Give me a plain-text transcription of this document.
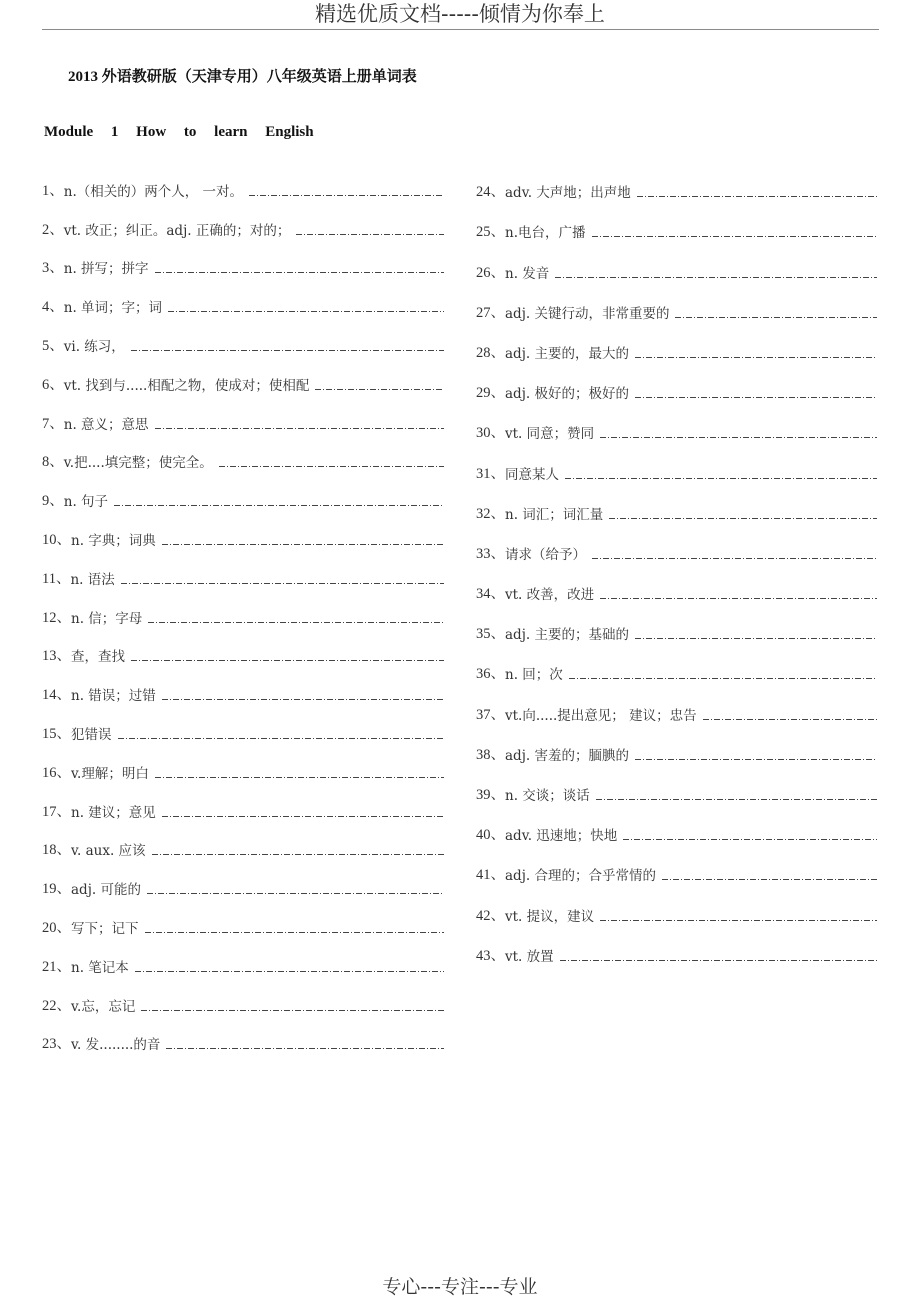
精选优质文档-----倾情为你奉上
2013 外语教研版（天津专用）八年级英语上册单词表
Module 1 How to learn English
1、 n.（相关的）两个人， 一对。
2、 vt. 改正；纠正。adj. 正确的；对的；
3、 n. 拼写；拼字
4、 n. 单词；字；词
5、 vi. 练习，
6、 vt. 找到与.....相配之物，使成对；使相配
7、 n. 意义；意思
8、 v.把....填完整；使完全。
9、 n. 句子
10、 n. 字典；词典
11、 n. 语法
12、 n. 信；字母
13、 查，查找
14、 n. 错误；过错
15、 犯错误
16、 v.理解；明白
17、 n. 建议；意见
18、 v. aux. 应该
19、 adj. 可能的
20、 写下；记下
21、 n. 笔记本
22、 v.忘，忘记
23、 v. 发........的音
24、 adv. 大声地；出声地
25、 n.电台，广播
26、 n. 发音
27、 adj. 关键行动，非常重要的
28、 adj. 主要的，最大的
29、 adj. 极好的；极好的
30、 vt. 同意；赞同
31、 同意某人
32、 n. 词汇；词汇量
33、 请求（给予）
34、 vt. 改善，改进
35、 adj. 主要的；基础的
36、 n. 回；次
37、 vt.向.....提出意见； 建议；忠告
38、 adj. 害羞的；腼腆的
39、 n. 交谈；谈话
40、 adv. 迅速地；快地
41、 adj. 合理的；合乎常情的
42、 vt. 提议，建议
43、 vt. 放置
专心---专注---专业
